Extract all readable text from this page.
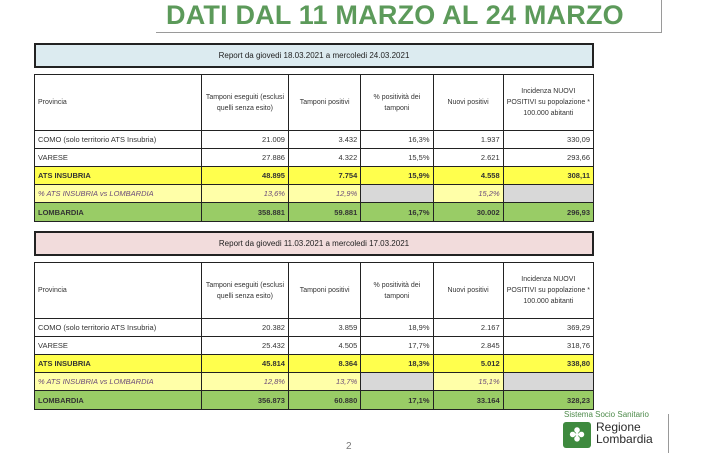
DATI DAL 11 MARZO AL 24 MARZO
Report da giovedi 18.03.2021 a mercoledi 24.03.2021
Provincia	Tamponi eseguiti (esclusi quelli senza esito)	Tamponi positivi	% positività dei tamponi	Nuovi positivi	Incidenza NUOVI POSITIVI su popolazione * 100.000 abitanti
COMO (solo territorio ATS Insubria)	21.009	3.432	16,3%	1.937	330,09
VARESE	27.886	4.322	15,5%	2.621	293,66
ATS INSUBRIA	48.895	7.754	15,9%	4.558	308,11
% ATS INSUBRIA vs LOMBARDIA	13,6%	12,9%		15,2%	
LOMBARDIA	358.881	59.881	16,7%	30.002	296,93
Report da giovedi 11.03.2021 a mercoledi 17.03.2021
Provincia	Tamponi eseguiti (esclusi quelli senza esito)	Tamponi positivi	% positività dei tamponi	Nuovi positivi	Incidenza NUOVI POSITIVI su popolazione * 100.000 abitanti
COMO (solo territorio ATS Insubria)	20.382	3.859	18,9%	2.167	369,29
VARESE	25.432	4.505	17,7%	2.845	318,76
ATS INSUBRIA	45.814	8.364	18,3%	5.012	338,80
% ATS INSUBRIA vs LOMBARDIA	12,8%	13,7%		15,1%	
LOMBARDIA	356.873	60.880	17,1%	33.164	328,23
2
Sistema Socio Sanitario
✤ Regione
Lombardia
